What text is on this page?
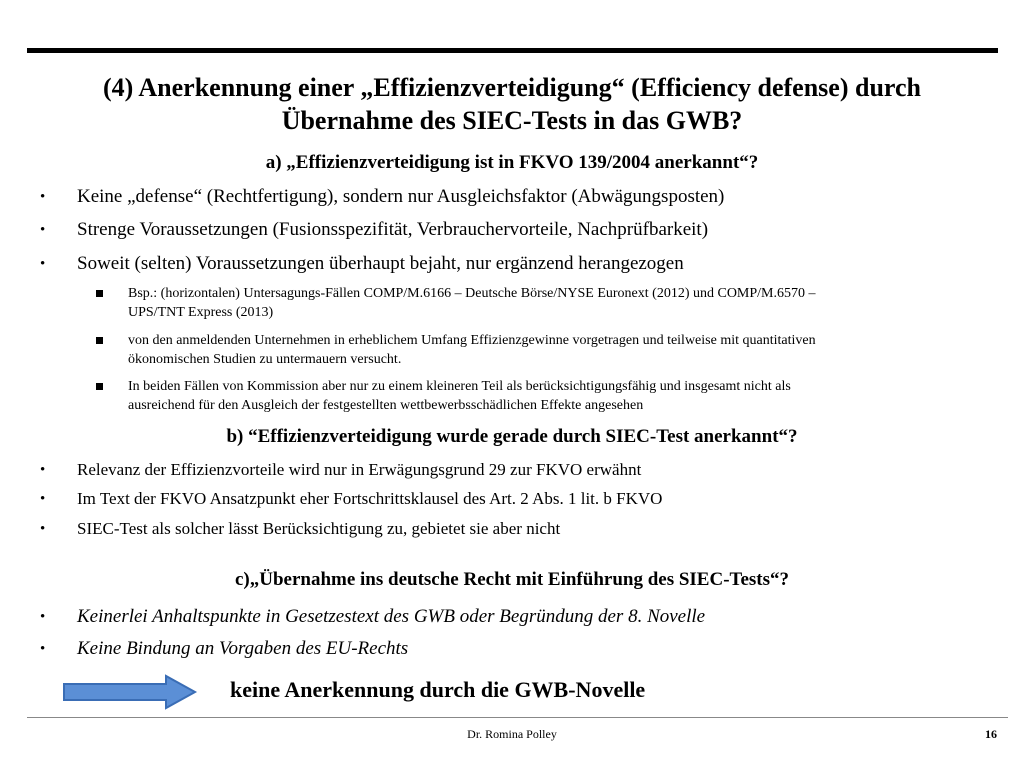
(4) Anerkennung einer „Effizienzverteidigung“ (Efficiency defense) durch
Übernahme des SIEC-Tests in das GWB?
a) „Effizienzverteidigung ist in FKVO 139/2004 anerkannt“?
•	Keine „defense“ (Rechtfertigung), sondern nur Ausgleichsfaktor (Abwägungsposten)
•	Strenge Voraussetzungen (Fusionsspezifität, Verbrauchervorteile, Nachprüfbarkeit)
•	Soweit (selten) Voraussetzungen überhaupt bejaht, nur ergänzend herangezogen
Bsp.: (horizontalen) Untersagungs-Fällen COMP/M.6166 – Deutsche Börse/NYSE Euronext (2012) und COMP/M.6570 –
UPS/TNT Express (2013)
von den anmeldenden Unternehmen in erheblichem Umfang Effizienzgewinne vorgetragen und teilweise mit quantitativen
ökonomischen Studien zu untermauern versucht.
In beiden Fällen von Kommission aber nur zu einem kleineren Teil als berücksichtigungsfähig und insgesamt nicht als
ausreichend für den Ausgleich der festgestellten wettbewerbsschädlichen Effekte angesehen
b) “Effizienzverteidigung wurde gerade durch SIEC-Test anerkannt“?
•	Relevanz der Effizienzvorteile wird nur in Erwägungsgrund 29 zur FKVO erwähnt
•	Im Text der FKVO Ansatzpunkt eher Fortschrittsklausel des Art. 2 Abs. 1 lit. b FKVO
•	SIEC-Test als solcher lässt Berücksichtigung zu, gebietet sie aber nicht
c)„Übernahme ins deutsche Recht mit Einführung des SIEC-Tests“?
•	Keinerlei Anhaltspunkte in Gesetzestext des GWB oder Begründung der 8. Novelle
•	Keine Bindung an Vorgaben des EU-Rechts
keine Anerkennung durch die GWB-Novelle
Dr. Romina Polley	16
